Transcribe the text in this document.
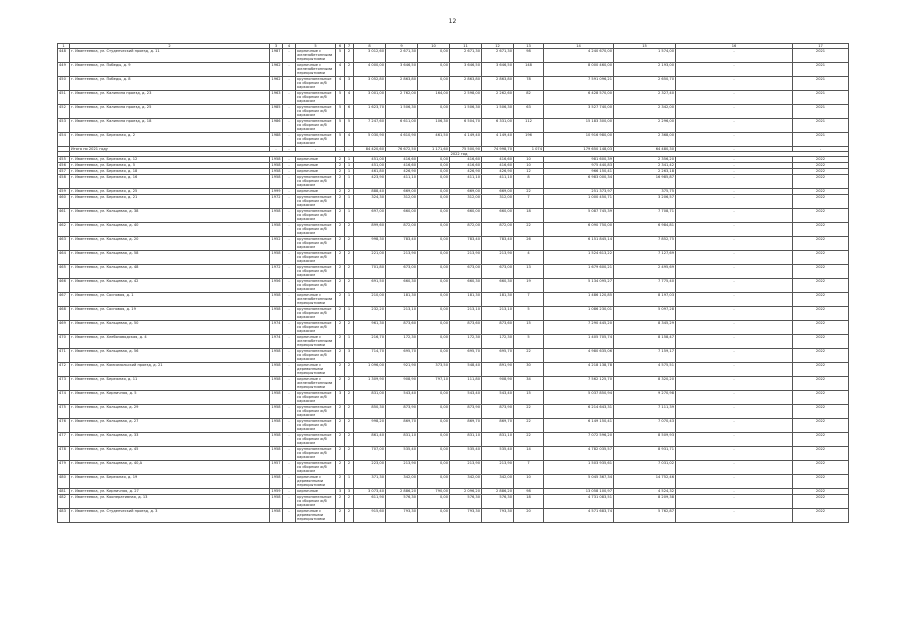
12
1	2	3	4	5	6	7	8	9	10	11	12	13	14	15	16	17
448	г. Ивантеевка, ул. Студенческий проезд, д. 11	1987	-	кирпичные с железобетонными перекрытиями	5	2	3 012,60	2 671,30	0,00	2 671,30	2 671,30	98	4 240 670,00	1 574,00	-	2021
449	г. Ивантеевка, ул. Победы, д. 9	1962	-	кирпичные с железобетонными перекрытиями	4	2	4 000,00	3 646,50	0,00	3 646,50	3 646,50	148	8 000 460,00	2 193,00	-	2021
450	г. Ивантеевка, ул. Победы, д. 8	1962	-	крупнопанельные со сборным ж/б каркасом	4	3	3 052,80	2 863,80	0,00	2 863,80	2 863,80	78	7 591 096,21	2 650,70	-	2021
451	г. Ивантеевка, ул. Калинина проезд, д. 23	1963	-	крупнопанельные со сборным ж/б каркасом	5	4	3 001,00	2 762,00	164,00	2 598,00	2 262,60	82	6 428 570,00	2 327,40	-	2021
452	г. Ивантеевка, ул. Калинина проезд, д. 25	1985	-	крупнопанельные со сборным ж/б каркасом	5	6	1 623,70	1 506,30	0,00	1 506,30	1 506,30	63	3 527 740,00	2 342,00	-	2021
453	г. Ивантеевка, ул. Калинина проезд, д. 18	1986	-	крупнопанельные со сборным ж/б каркасом	5	5	7 247,60	6 611,00	106,30	6 504,70	6 331,00	112	15 183 300,00	2 296,00	-	2021
454	г. Ивантеевка, ул. Бережная, д. 2	1988	-	крупнопанельные со сборным ж/б каркасом	5	4	5 030,90	4 610,90	461,50	4 149,40	4 149,40	196	10 916 980,00	2 368,00	-	2021
	Итого по 2021 году	-	-	-	-	-	84 420,60	76 672,50	1 171,60	75 500,90	74 998,70	1 074	179 650 148,03	64 480,30	-	-
	2022 год															
455	г. Ивантеевка, ул. Бережная, д. 12	1958	-	кирпичные	2	1	451,00	416,60	0,00	416,60	416,60	10	981 600,39	2 356,20	-	2022
456	г. Ивантеевка, ул. Бережная, д. 5	1958	-	кирпичные	2	1	451,00	416,60	0,00	416,60	416,60	10	975 440,83	2 341,42	-	2022
457	г. Ивантеевка, ул. Бережная, д. 18	1958	-	кирпичные	2	1	461,80	426,90	0,00	426,90	426,90	12	966 150,41	2 263,18	-	2022
458	г. Ивантеевка, ул. Бережная, д. 16	1958	-	крупнопанельные со сборным ж/б каркасом	2	1	423,90	411,10	0,00	411,10	411,10	8	6 983 000,34	16 985,87	-	2022
459	г. Ивантеевка, ул. Бережная, д. 25	1999	-	кирпичные	2	2	888,40	669,00	0,00	669,00	669,00	22	251 373,97	375,75	-	2022
460	г. Ивантеевка, ул. Бережная, д. 21	1972	-	крупнопанельные со сборным ж/б каркасом	2	1	324,30	312,00	0,00	312,00	312,00	7	1 000 450,71	3 206,57	-	2022
461	г. Ивантеевка, ул. Кольцевая, д. 38	1958	-	крупнопанельные со сборным ж/б каркасом	2	1	697,00	660,00	0,00	660,00	660,00	18	5 087 745,39	7 708,71	-	2022
462	г. Ивантеевка, ул. Кольцевая, д. 40	1958	-	крупнопанельные со сборным ж/б каркасом	2	2	899,60	872,00	0,00	872,00	872,00	22	6 090 750,00	6 984,81	-	2022
463	г. Ивантеевка, ул. Кольцевая, д. 20	1952	-	крупнопанельные со сборным ж/б каркасом	2	2	998,30	783,40	0,00	783,40	783,40	26	6 151 845,14	7 852,75	-	2022
464	г. Ивантеевка, ул. Кольцевая, д. 58	1958	-	крупнопанельные со сборным ж/б каркасом	2	2	221,00	213,90	0,00	213,90	213,90	4	1 524 613,22	7 127,69	-	2022
465	г. Ивантеевка, ул. Кольцевая, д. 48	1972	-	крупнопанельные со сборным ж/б каркасом	2	2	701,80	673,00	0,00	673,00	673,00	13	1 679 600,21	2 495,69	-	2022
466	г. Ивантеевка, ул. Кольцевая, д. 42	1956	-	крупнопанельные со сборным ж/б каркасом	2	2	691,50	660,30	0,00	660,30	660,30	19	5 134 095,27	7 775,40	-	2022
467	г. Ивантеевка, ул. Сосновая, д. 1	1958	-	кирпичные с железобетонными перекрытиями	2	1	210,00	181,30	0,00	181,30	181,30	7	1 486 120,85	8 197,03	-	2022
468	г. Ивантеевка, ул. Сосновая, д. 19	1958	-	крупнопанельные со сборным ж/б каркасом	2	1	232,20	213,10	0,00	213,10	213,10	5	1 086 230,01	5 097,28	-	2022
469	г. Ивантеевка, ул. Кольцевая, д. 50	1974	-	крупнопанельные со сборным ж/б каркасом	2	2	961,30	873,60	0,00	873,60	873,60	15	7 290 445,20	8 345,29	-	2022
470	г. Ивантеевка, ул. Хлебозаводская, д. 4	1974	-	кирпичные с железобетонными перекрытиями	2	1	216,70	172,30	0,00	172,30	172,30	5	1 405 705,74	8 158,47	-	2022
471	г. Ивантеевка, ул. Кольцевая, д. 56	1958	-	крупнопанельные со сборным ж/б каркасом	2	3	714,70	695,70	0,00	695,70	695,70	22	4 980 635,06	7 159,17	-	2022
472	г. Ивантеевка, ул. Комсомольский проезд, д. 21	1958	-	кирпичные с деревянными перекрытиями	2	2	1 096,00	921,90	373,50	548,40	891,90	30	4 218 138,78	4 575,51	-	2022
473	г. Ивантеевка, ул. Бережная, д. 11	1958	-	кирпичные с железобетонными перекрытиями	2	2	1 309,90	908,90	797,10	111,80	908,90	34	7 562 125,70	8 320,20	-	2022
474	г. Ивантеевка, ул. Кирпичная, д. 5	1958	-	крупнопанельные со сборным ж/б каркасом	3	2	831,00	543,40	0,00	543,40	543,40	15	5 037 850,94	9 270,98	-	2022
475	г. Ивантеевка, ул. Кольцевая, д. 29	1958	-	крупнопанельные со сборным ж/б каркасом	2	2	850,30	873,90	0,00	873,90	873,90	22	6 214 643,31	7 111,39	-	2022
476	г. Ивантеевка, ул. Кольцевая, д. 27	1958	-	крупнопанельные со сборным ж/б каркасом	2	2	998,20	869,70	0,00	869,70	869,70	22	6 149 150,41	7 070,43	-	2022
477	г. Ивантеевка, ул. Кольцевая, д. 33	1958	-	крупнопанельные со сборным ж/б каркасом	2	2	861,40	831,10	0,00	831,10	831,10	22	7 072 596,20	8 509,93	-	2022
478	г. Ивантеевка, ул. Кольцевая, д. 45	1958	-	крупнопанельные со сборным ж/б каркасом	2	2	707,00	535,40	0,00	535,40	535,40	14	4 782 035,57	8 931,71	-	2022
479	г. Ивантеevка, ул. Кольцевая, д. 40,А	1957	-	крупнопанельные со сборным ж/б каркасом	2	2	223,00	213,90	0,00	213,90	213,90	7	1 503 935,61	7 031,02	-	2022
480	г. Ивантеевка, ул. Бережная, д. 19	1958	-	кирпичные с деревянными перекрытиями	2	1	371,30	342,00	0,00	342,00	342,00	10	5 045 367,34	14 752,46	-	2022
481	г. Ивантеевка, ул. Кирпичная, д. 27	1959	-	кирпичные	3	3	3 073,40	2 886,20	790,00	2 096,20	2 886,20	98	13 058 100,97	4 524,32	-	2022
482	г. Ивантеевка, ул. Кооперативная, д. 13	1958	-	крупнопанельные со сборным ж/б каркасом	2	2	611,90	576,30	0,00	576,30	576,30	18	4 731 083,51	8 209,38	-	2022
483	г. Ивантеевка, ул. Студенческий проезд, д. 3	1958	-	кирпичные с деревянными перекрытиями	2	2	915,60	793,30	0,00	793,30	793,30	20	4 571 683,74	5 762,87	-	2022
